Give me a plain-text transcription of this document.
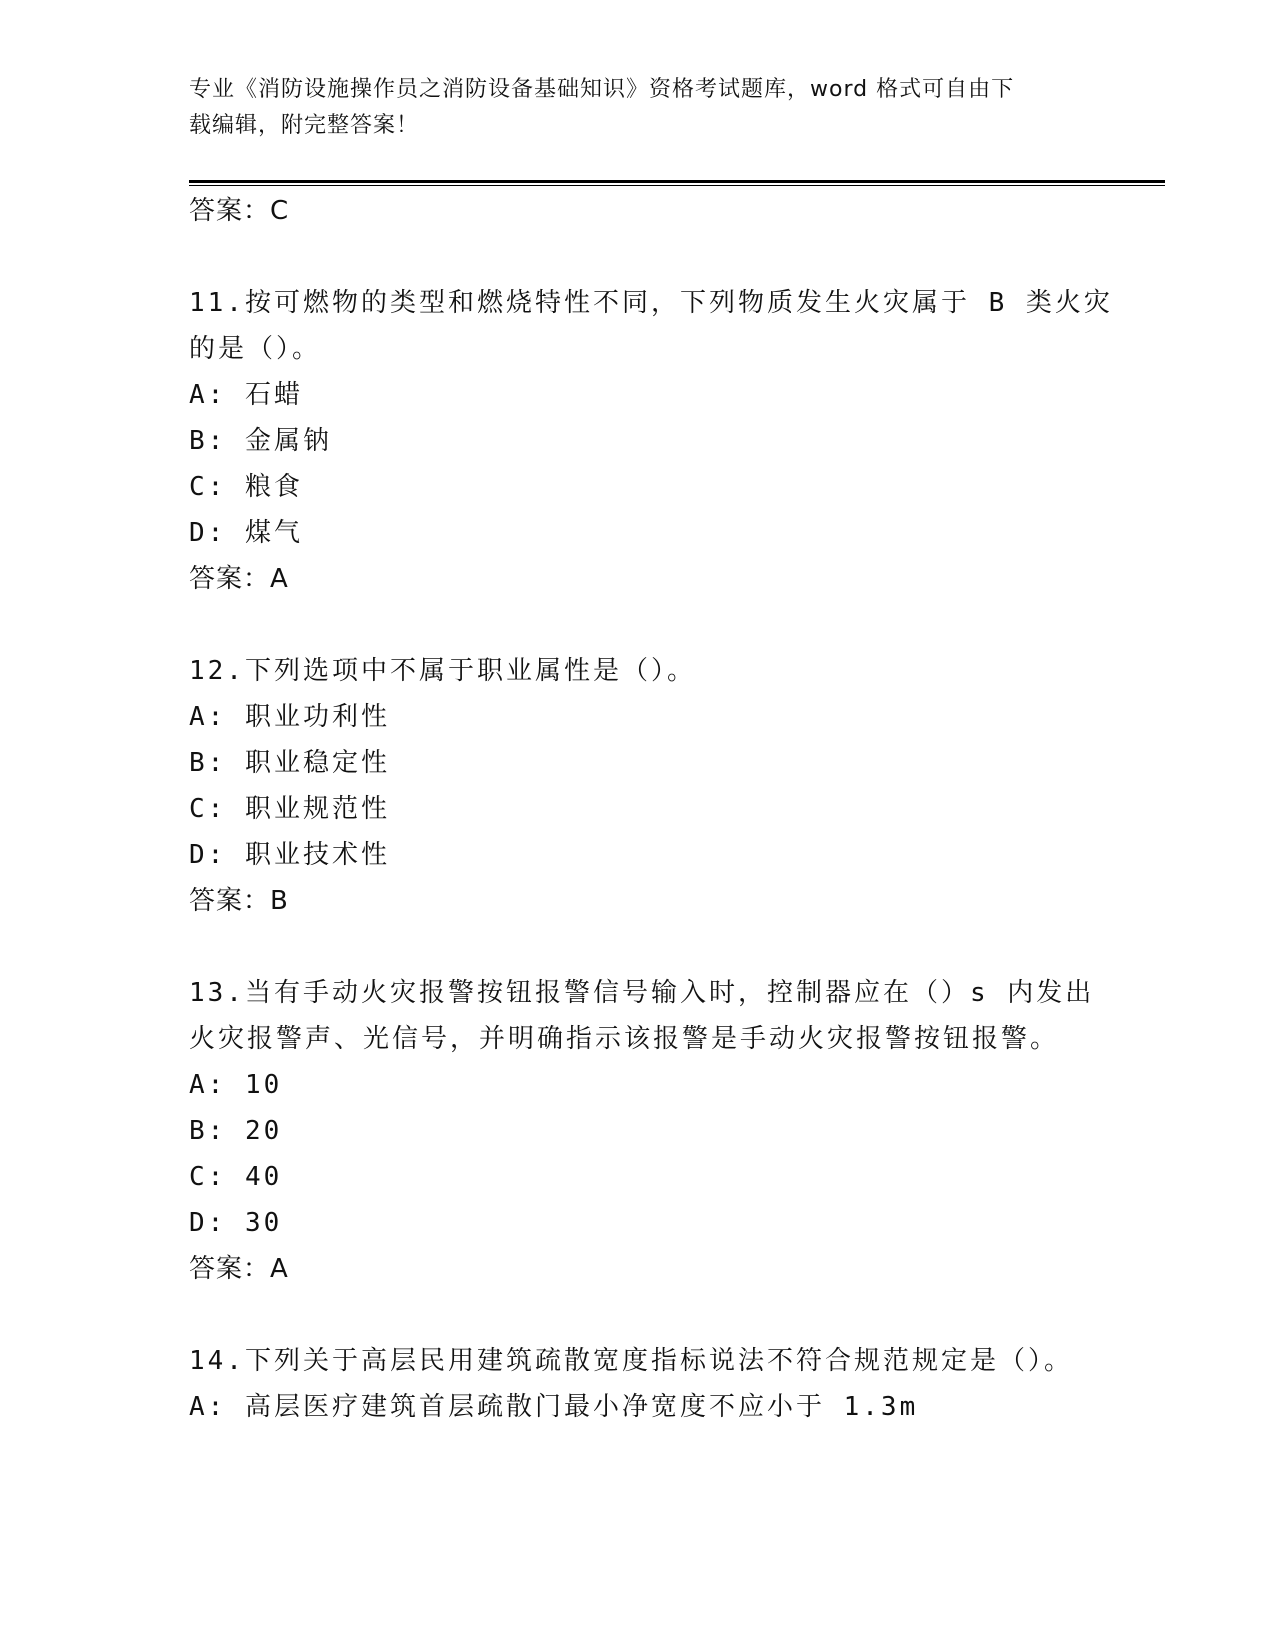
专业《消防设施操作员之消防设备基础知识》资格考试题库，word 格式可自由下
载编辑，附完整答案！
答案：C
11.按可燃物的类型和燃烧特性不同，下列物质发生火灾属于 B 类火灾
的是（）。
A: 石蜡
B: 金属钠
C: 粮食
D: 煤气
答案：A
12.下列选项中不属于职业属性是（）。
A: 职业功利性
B: 职业稳定性
C: 职业规范性
D: 职业技术性
答案：B
13.当有手动火灾报警按钮报警信号输入时，控制器应在（）s 内发出
火灾报警声、光信号，并明确指示该报警是手动火灾报警按钮报警。
A: 10
B: 20
C: 40
D: 30
答案：A
14.下列关于高层民用建筑疏散宽度指标说法不符合规范规定是（）。
A: 高层医疗建筑首层疏散门最小净宽度不应小于 1.3m
